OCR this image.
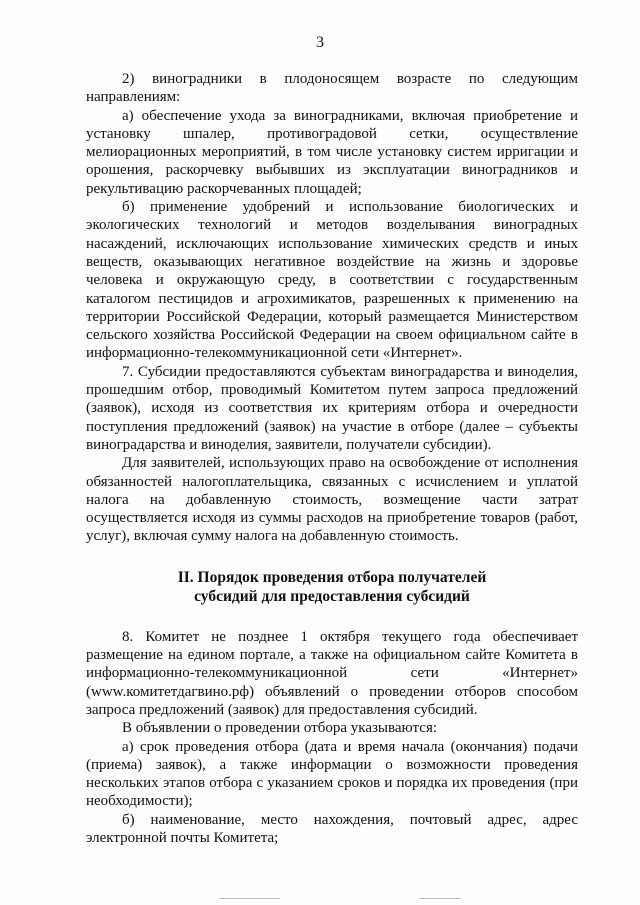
3

2) виноградники в плодоносящем возрасте по следующим направлениям:

а) обеспечение ухода за виноградниками, включая приобретение и установку шпалер, противоградовой сетки, осуществление мелиорационных мероприятий, в том числе установку систем ирригации и орошения, раскорчевку выбывших из эксплуатации виноградников и рекультивацию раскорчеванных площадей;

б) применение удобрений и использование биологических и экологических технологий и методов возделывания виноградных насаждений, исключающих использование химических средств и иных веществ, оказывающих негативное воздействие на жизнь и здоровье человека и окружающую среду, в соответствии с государственным каталогом пестицидов и агрохимикатов, разрешенных к применению на территории Российской Федерации, который размещается Министерством сельского хозяйства Российской Федерации на своем официальном сайте в информационно-телекоммуникационной сети «Интернет».

7. Субсидии предоставляются субъектам виноградарства и виноделия, прошедшим отбор, проводимый Комитетом путем запроса предложений (заявок), исходя из соответствия их критериям отбора и очередности поступления предложений (заявок) на участие в отборе (далее – субъекты виноградарства и виноделия, заявители, получатели субсидии).

Для заявителей, использующих право на освобождение от исполнения обязанностей налогоплательщика, связанных с исчислением и уплатой налога на добавленную стоимость, возмещение части затрат осуществляется исходя из суммы расходов на приобретение товаров (работ, услуг), включая сумму налога на добавленную стоимость.

II. Порядок проведения отбора получателей
субсидий для предоставления субсидий

8. Комитет не позднее 1 октября текущего года обеспечивает размещение на едином портале, а также на официальном сайте Комитета в информационно-телекоммуникационной сети «Интернет» (www.комитетдагвино.рф) объявлений о проведении отборов способом запроса предложений (заявок) для предоставления субсидий.

В объявлении о проведении отбора указываются:

а) срок проведения отбора (дата и время начала (окончания) подачи (приема) заявок), а также информации о возможности проведения нескольких этапов отбора с указанием сроков и порядка их проведения (при необходимости);

б) наименование, место нахождения, почтовый адрес, адрес электронной почты Комитета;
